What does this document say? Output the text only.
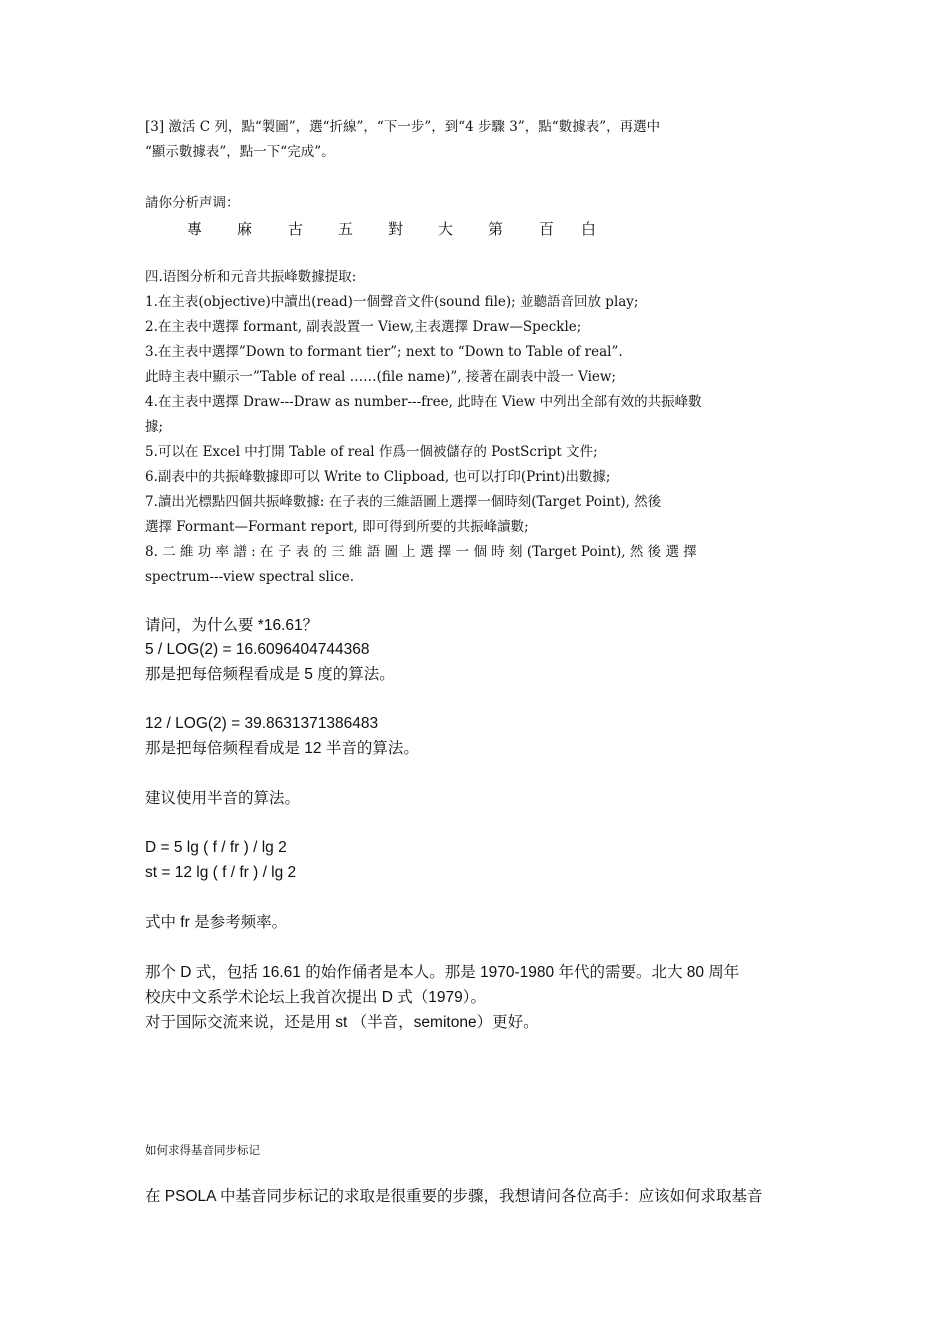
[3] 激活 C 列，點“製圖”，選“折線”，“下一步”，到“4 步驟 3”，點“數據表”，再選中
“顯示數據表”，點一下“完成”。
請你分析声调：
專 麻 古 五 對 大 第 百 白
四.语图分析和元音共振峰數據提取:
1.在主表(objective)中讀出(read)一個聲音文件(sound file); 並聽語音回放 play;
2.在主表中選擇 formant, 副表設置一 View,主表選擇 Draw—Speckle;
3.在主表中選擇”Down to formant tier”; next to “Down to Table of real”.
此時主表中顯示一”Table of real ……(file name)”, 接著在副表中設一 View;
4.在主表中選擇 Draw---Draw as number---free, 此時在 View 中列出全部有效的共振峰數
據;
5.可以在 Excel 中打開 Table of real 作爲一個被儲存的 PostScript 文件;
6.副表中的共振峰數據即可以 Write to Clipboad, 也可以打印(Print)出數據;
7.讀出光標點四個共振峰數據: 在子表的三維語圖上選擇一個時刻(Target Point), 然後
選擇 Formant—Formant report, 即可得到所要的共振峰讀數;
8. 二 維 功 率 譜 : 在 子 表 的 三 維 語 圖 上 選 擇 一 個 時 刻 (Target Point), 然 後 選 擇
spectrum---view spectral slice.
请问，为什么要 *16.61？
5 / LOG(2) = 16.6096404744368
那是把每倍频程看成是 5 度的算法。
12 / LOG(2) = 39.8631371386483
那是把每倍频程看成是 12 半音的算法。
建议使用半音的算法。
D = 5 lg ( f / fr ) / lg 2
st = 12 lg ( f / fr ) / lg 2
式中 fr 是参考频率。
那个 D 式，包括 16.61 的始作俑者是本人。那是 1970-1980 年代的需要。北大 80 周年
校庆中文系学术论坛上我首次提出 D 式（1979）。
对于国际交流来说，还是用 st （半音，semitone）更好。
如何求得基音同步标记
在 PSOLA 中基音同步标记的求取是很重要的步骤，我想请问各位高手：应该如何求取基音
